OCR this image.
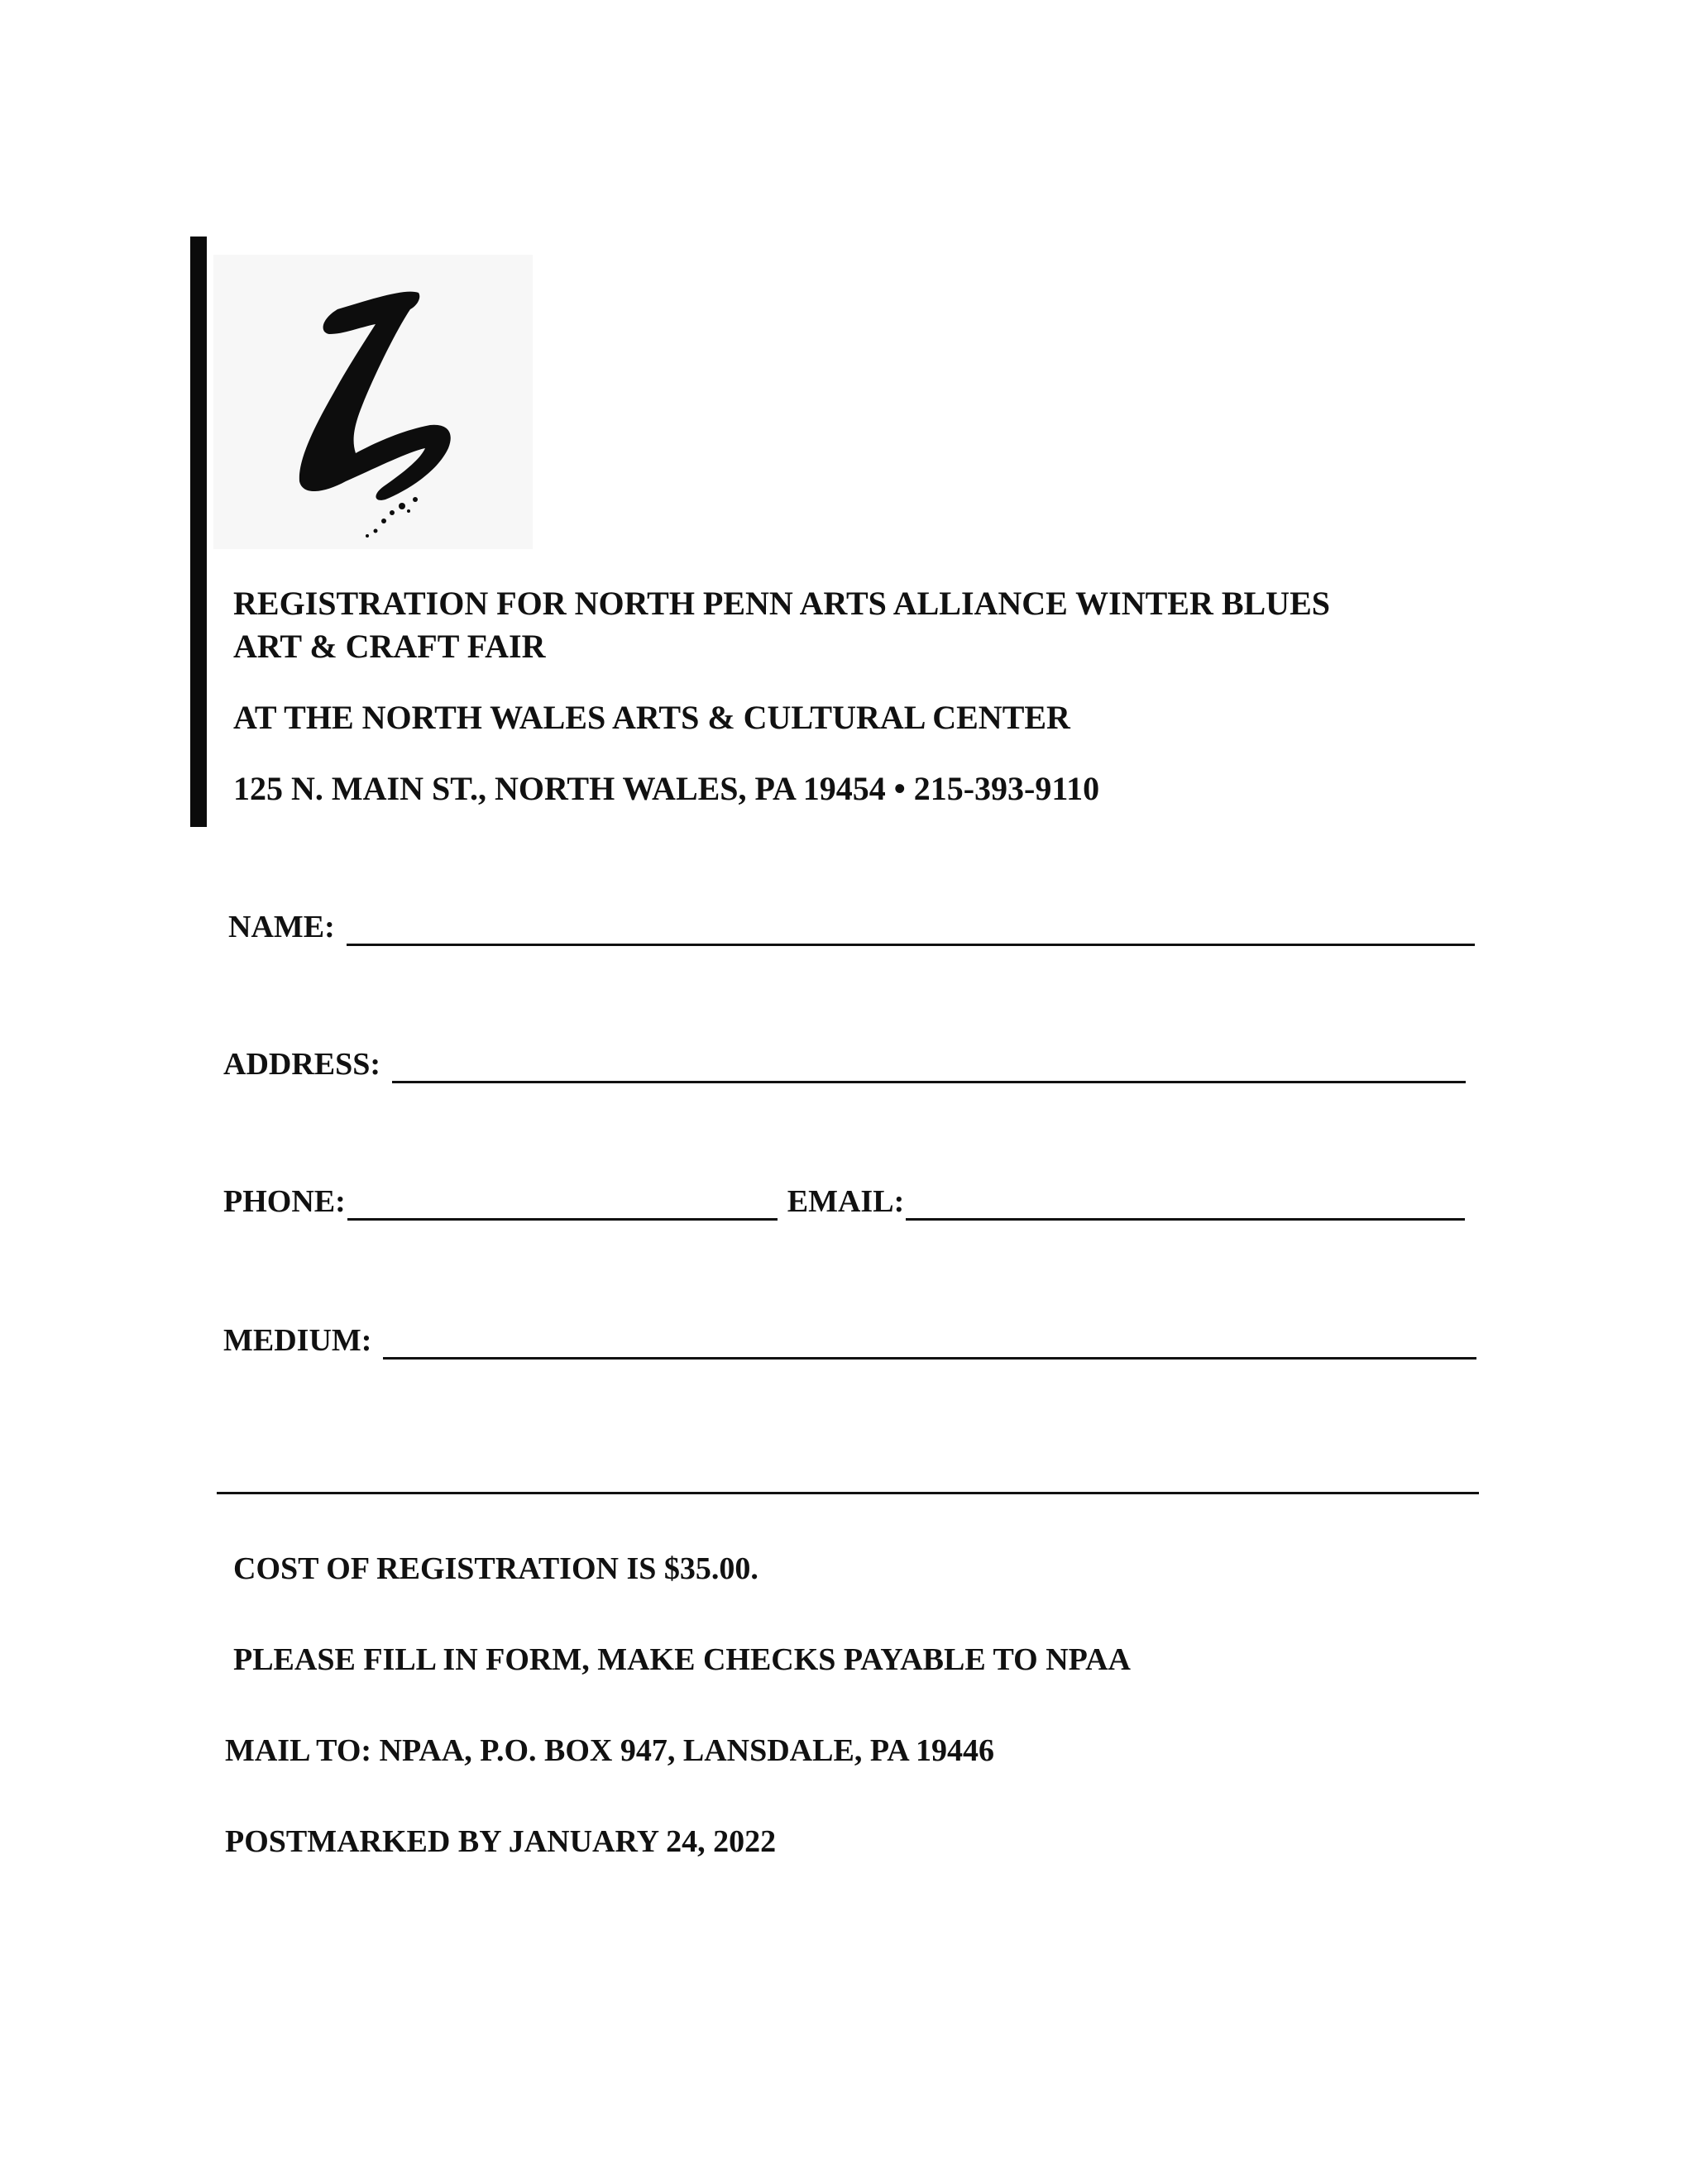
REGISTRATION FOR NORTH PENN ARTS ALLIANCE WINTER BLUES
ART & CRAFT FAIR
AT THE NORTH WALES ARTS & CULTURAL CENTER
125 N. MAIN ST., NORTH WALES, PA 19454 • 215-393-9110
NAME:
ADDRESS:
PHONE:	EMAIL:
MEDIUM:
COST OF REGISTRATION IS $35.00.
PLEASE FILL IN FORM, MAKE CHECKS PAYABLE TO NPAA
MAIL TO: NPAA, P.O. BOX 947, LANSDALE, PA 19446
POSTMARKED BY JANUARY 24, 2022
